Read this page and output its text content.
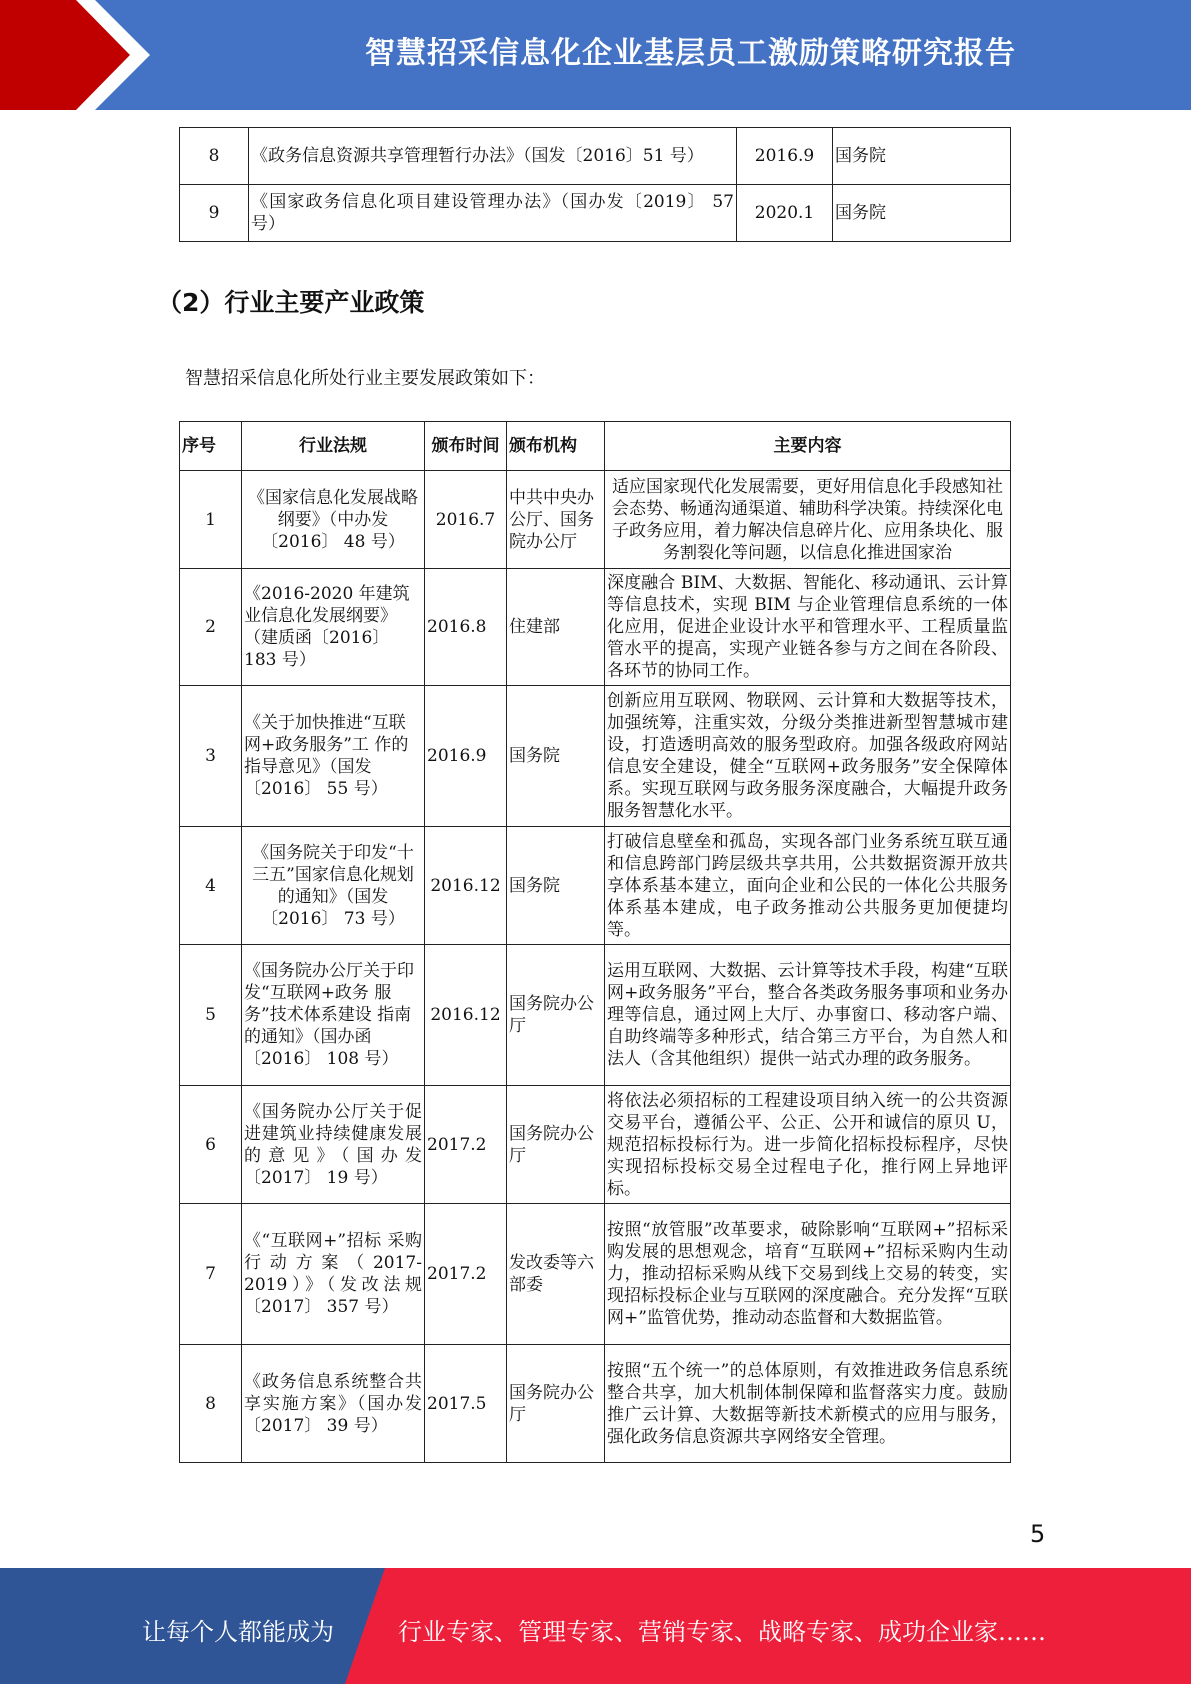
智慧招采信息化企业基层员工激励策略研究报告
8	《政务信息资源共享管理暂行办法》（国发〔2016〕51 号）	2016.9	国务院
9	《国家政务信息化项目建设管理办法》（国办发〔2019〕 57 号）	2020.1	国务院
（2）行业主要产业政策
智慧招采信息化所处行业主要发展政策如下：
序号	行业法规	颁布时间	颁布机构	主要内容
1	《国家信息化发展战略纲要》（中办发〔2016〕 48 号）	2016.7	中共中央办公厅、国务院办公厅	适应国家现代化发展需要，更好用信息化手段感知社会态势、畅通沟通渠道、辅助科学决策。持续深化电子政务应用，着力解决信息碎片化、应用条块化、服务割裂化等问题，以信息化推进国家治
2	《2016-2020 年建筑 业信息化发展纲要》（建质函〔2016〕 183 号）	2016.8	住建部	深度融合 BIM、大数据、智能化、移动通讯、云计算等信息技术，实现 BIM 与企业管理信息系统的一体化应用，促进企业设计水平和管理水平、工程质量监管水平的提高，实现产业链各参与方之间在各阶段、各环节的协同工作。
3	《关于加快推进“互联网+政务服务”工 作的指导意见》（国发〔2016〕 55 号）	2016.9	国务院	创新应用互联网、物联网、云计算和大数据等技术，加强统筹，注重实效，分级分类推进新型智慧城市建设，打造透明高效的服务型政府。加强各级政府网站信息安全建设，健全“互联网+政务服务”安全保障体系。实现互联网与政务服务深度融合，大幅提升政务服务智慧化水平。
4	《国务院关于印发“十三五”国家信息化规划的通知》（国发〔2016〕 73 号）	2016.12	国务院	打破信息壁垒和孤岛，实现各部门业务系统互联互通和信息跨部门跨层级共享共用，公共数据资源开放共享体系基本建立，面向企业和公民的一体化公共服务体系基本建成，电子政务推动公共服务更加便捷均等。
5	《国务院办公厅关于印发“互联网+政务 服务”技术体系建设 指南的通知》（国办函〔2016〕 108 号）	2016.12	国务院办公厅	运用互联网、大数据、云计算等技术手段，构建“互联网+政务服务”平台，整合各类政务服务事项和业务办理等信息，通过网上大厅、办事窗口、移动客户端、自助终端等多种形式，结合第三方平台，为自然人和法人（含其他组织）提供一站式办理的政务服务。
6	《国务院办公厅关于促进建筑业持续健康发展的意见》（国办发〔2017〕 19 号）	2017.2	国务院办公厅	将依法必须招标的工程建设项目纳入统一的公共资源交易平台，遵循公平、公正、公开和诚信的原贝 U，规范招标投标行为。进一步简化招标投标程序，尽快实现招标投标交易全过程电子化，推行网上异地评标。
7	《“互联网+”招标 采购行动方案（2017-2019）》（发改法规〔2017〕 357 号）	2017.2	发改委等六部委	按照“放管服”改革要求，破除影响“互联网+”招标采购发展的思想观念，培育“互联网+”招标采购内生动力，推动招标采购从线下交易到线上交易的转变，实现招标投标企业与互联网的深度融合。充分发挥“互联网+”监管优势，推动动态监督和大数据监管。
8	《政务信息系统整合共享实施方案》（国办发〔2017〕 39 号）	2017.5	国务院办公厅	按照“五个统一”的总体原则，有效推进政务信息系统整合共享，加大机制体制保障和监督落实力度。鼓励推广云计算、大数据等新技术新模式的应用与服务，强化政务信息资源共享网络安全管理。
5
让每个人都能成为	行业专家、管理专家、营销专家、战略专家、成功企业家……
